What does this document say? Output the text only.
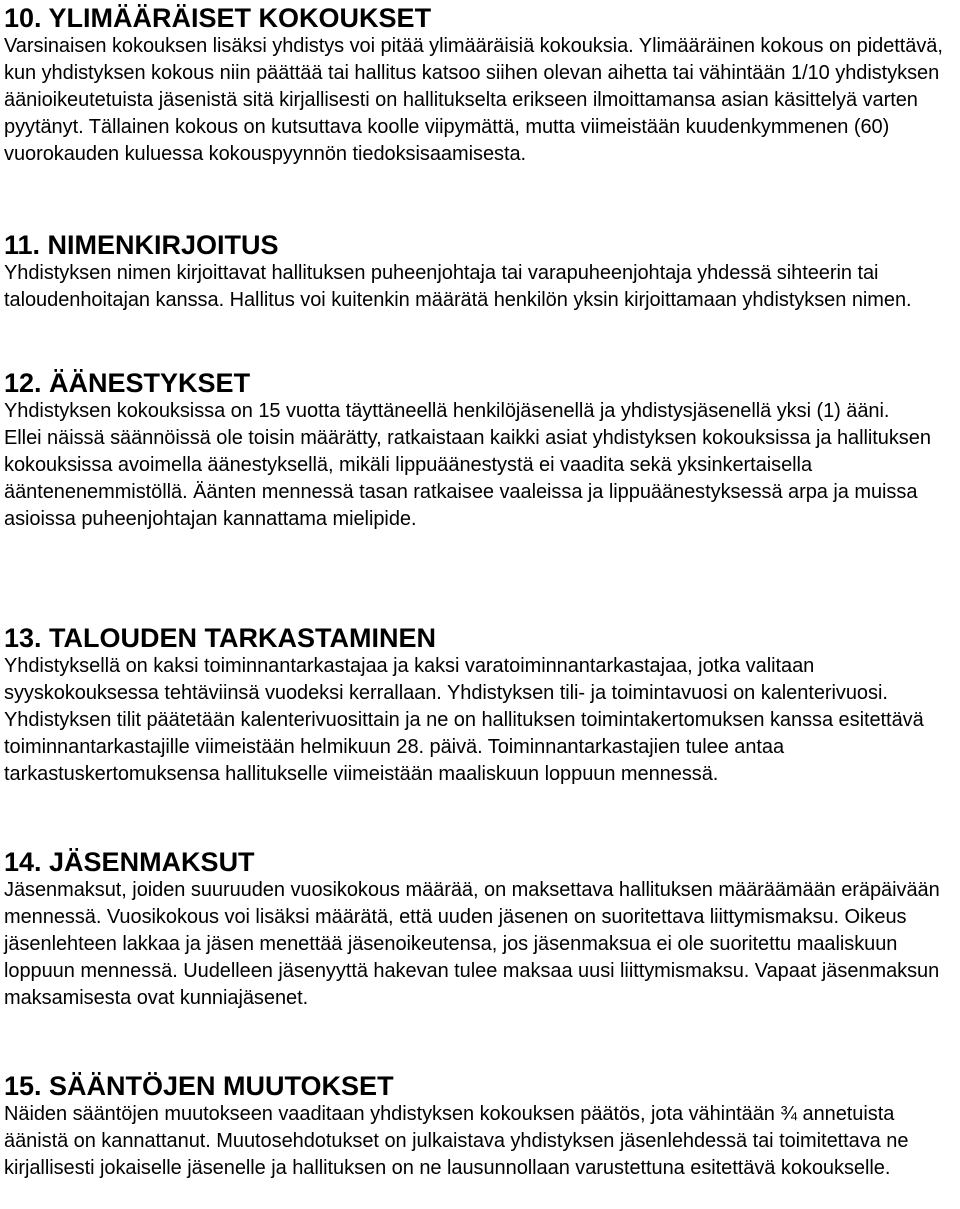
10. YLIMÄÄRÄISET KOKOUKSET

Varsinaisen kokouksen lisäksi yhdistys voi pitää ylimääräisiä kokouksia. Ylimääräinen kokous on pidettävä, kun yhdistyksen kokous niin päättää tai hallitus katsoo siihen olevan aihetta tai vähintään 1/10 yhdistyksen äänioikeutetuista jäsenistä sitä kirjallisesti on hallitukselta erikseen ilmoittamansa asian käsittelyä varten pyytänyt. Tällainen kokous on kutsuttava koolle viipymättä, mutta viimeistään kuudenkymmenen (60) vuorokauden kuluessa kokouspyynnön tiedoksisaamisesta.

11. NIMENKIRJOITUS

Yhdistyksen nimen kirjoittavat hallituksen puheenjohtaja tai varapuheenjohtaja yhdessä sihteerin tai taloudenhoitajan kanssa. Hallitus voi kuitenkin määrätä henkilön yksin kirjoittamaan yhdistyksen nimen.

12. ÄÄNESTYKSET

Yhdistyksen kokouksissa on 15 vuotta täyttäneellä henkilöjäsenellä ja yhdistysjäsenellä yksi (1) ääni.

Ellei näissä säännöissä ole toisin määrätty, ratkaistaan kaikki asiat yhdistyksen kokouksissa ja hallituksen kokouksissa avoimella äänestyksellä, mikäli lippuäänestystä ei vaadita sekä yksinkertaisella ääntenenemmistöllä. Äänten mennessä tasan ratkaisee vaaleissa ja lippuäänestyksessä arpa ja muissa asioissa puheenjohtajan kannattama mielipide.

13. TALOUDEN TARKASTAMINEN

Yhdistyksellä on kaksi toiminnantarkastajaa ja kaksi varatoiminnantarkastajaa, jotka valitaan syyskokouksessa tehtäviinsä vuodeksi kerrallaan. Yhdistyksen tili- ja toimintavuosi on kalenterivuosi. Yhdistyksen tilit päätetään kalenterivuosittain ja ne on hallituksen toimintakertomuksen kanssa esitettävä toiminnantarkastajille viimeistään helmikuun 28. päivä. Toiminnantarkastajien tulee antaa tarkastuskertomuksensa hallitukselle viimeistään maaliskuun loppuun mennessä.

14. JÄSENMAKSUT

Jäsenmaksut, joiden suuruuden vuosikokous määrää, on maksettava hallituksen määräämään eräpäivään mennessä. Vuosikokous voi lisäksi määrätä, että uuden jäsenen on suoritettava liittymismaksu. Oikeus jäsenlehteen lakkaa ja jäsen menettää jäsenoikeutensa, jos jäsenmaksua ei ole suoritettu maaliskuun loppuun mennessä. Uudelleen jäsenyyttä hakevan tulee maksaa uusi liittymismaksu. Vapaat jäsenmaksun maksamisesta ovat kunniajäsenet.

15. SÄÄNTÖJEN MUUTOKSET

Näiden sääntöjen muutokseen vaaditaan yhdistyksen kokouksen päätös, jota vähintään ¾ annetuista äänistä on kannattanut. Muutosehdotukset on julkaistava yhdistyksen jäsenlehdessä tai toimitettava ne kirjallisesti jokaiselle jäsenelle ja hallituksen on ne lausunnollaan varustettuna esitettävä kokoukselle.
